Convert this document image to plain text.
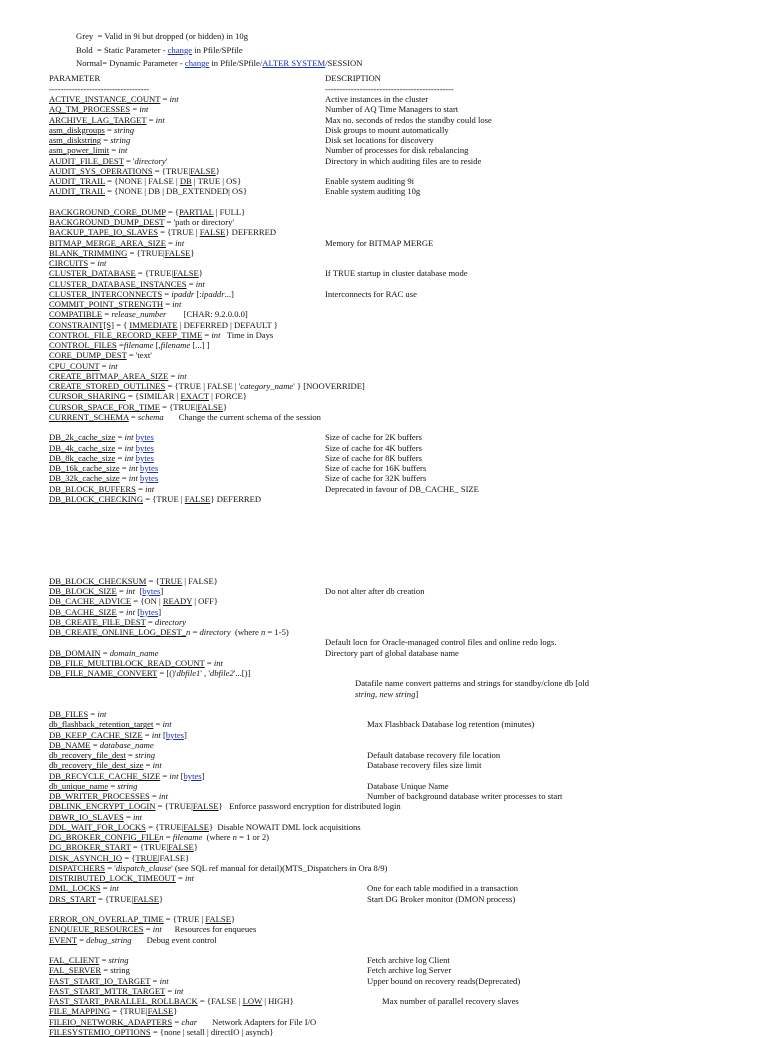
Grey  = Valid in 9i but dropped (or hidden) in 10g
Bold  = Static Parameter - change in Pfile/SPfile
Normal= Dynamic Parameter - change in Pfile/SPfile/ALTER SYSTEM/SESSION
PARAMETER	DESCRIPTION
-----------------------------------	---------------------------------------------
ACTIVE_INSTANCE_COUNT = int	Active instances in the cluster
AQ_TM_PROCESSES = int	Number of AQ Time Managers to start
ARCHIVE_LAG_TARGET = int	Max no. seconds of redos the standby could lose
asm_diskgroups = string	Disk groups to mount automatically
asm_diskstring = string	Disk set locations for discovery
asm_power_limit = int	Number of processes for disk rebalancing
AUDIT_FILE_DEST = 'directory'	Directory in which auditing files are to reside
AUDIT_SYS_OPERATIONS = {TRUE|FALSE}
AUDIT_TRAIL = {NONE | FALSE | DB | TRUE | OS}	Enable system auditing 9i
AUDIT_TRAIL = {NONE | DB | DB_EXTENDED| OS}	Enable system auditing 10g
BACKGROUND_CORE_DUMP = {PARTIAL | FULL}
BACKGROUND_DUMP_DEST = 'path or directory'
BACKUP_TAPE_IO_SLAVES = {TRUE | FALSE} DEFERRED
BITMAP_MERGE_AREA_SIZE = int	Memory for BITMAP MERGE
BLANK_TRIMMING = {TRUE|FALSE}
CIRCUITS = int
CLUSTER_DATABASE = {TRUE|FALSE}	If TRUE startup in cluster database mode
CLUSTER_DATABASE_INSTANCES = int
CLUSTER_INTERCONNECTS = ipaddr [:ipaddr...]	Interconnects for RAC use
COMMIT_POINT_STRENGTH = int
COMPATIBLE = release_number        [CHAR: 9.2.0.0.0]
CONSTRAINT[S] = { IMMEDIATE | DEFERRED | DEFAULT }
CONTROL_FILE_RECORD_KEEP_TIME = int   Time in Days
CONTROL_FILES =filename [,filename [...] ]
CORE_DUMP_DEST = 'text'
CPU_COUNT = int
CREATE_BITMAP_AREA_SIZE = int
CREATE_STORED_OUTLINES = {TRUE | FALSE | 'category_name' } [NOOVERRIDE]
CURSOR_SHARING = {SIMILAR | EXACT | FORCE}
CURSOR_SPACE_FOR_TIME = {TRUE|FALSE}
CURRENT_SCHEMA = schema       Change the current schema of the session
DB_2k_cache_size = int bytes	Size of cache for 2K buffers
DB_4k_cache_size = int bytes	Size of cache for 4K buffers
DB_8k_cache_size = int bytes	Size of cache for 8K buffers
DB_16k_cache_size = int bytes	Size of cache for 16K buffers
DB_32k_cache_size = int bytes	Size of cache for 32K buffers
DB_BLOCK_BUFFERS = int	Deprecated in favour of DB_CACHE_ SIZE
DB_BLOCK_CHECKING = {TRUE | FALSE} DEFERRED
DB_BLOCK_CHECKSUM = {TRUE | FALSE}
DB_BLOCK_SIZE = int  [bytes]	Do not alter after db creation
DB_CACHE_ADVICE = {ON | READY | OFF}
DB_CACHE_SIZE = int [bytes]
DB_CREATE_FILE_DEST = directory
DB_CREATE_ONLINE_LOG_DEST_n = directory  (where n = 1-5)
Default locn for Oracle-managed control files and online redo logs.
DB_DOMAIN = domain_name	Directory part of global database name
DB_FILE_MULTIBLOCK_READ_COUNT = int
DB_FILE_NAME_CONVERT = [()'dbfile1' , 'dbfile2'...[)]
Datafile name convert patterns and strings for standby/clone db [old
string, new string]
DB_FILES = int
db_flashback_retention_target = int	Max Flashback Database log retention (minutes)
DB_KEEP_CACHE_SIZE = int [bytes]
DB_NAME = database_name
db_recovery_file_dest = string	Default database recovery file location
db_recovery_file_dest_size = int	Database recovery files size limit
DB_RECYCLE_CACHE_SIZE = int [bytes]
db_unique_name = string	Database Unique Name
DB_WRITER_PROCESSES = int	Number of background database writer processes to start
DBLINK_ENCRYPT_LOGIN = {TRUE|FALSE}   Enforce password encryption for distributed login
DBWR_IO_SLAVES = int
DDL_WAIT_FOR_LOCKS = {TRUE|FALSE}  Disable NOWAIT DML lock acquisitions
DG_BROKER_CONFIG_FILEn = filename  (where n = 1 or 2)
DG_BROKER_START = {TRUE|FALSE}
DISK_ASYNCH_IO = {TRUE|FALSE}
DISPATCHERS = 'dispatch_clause' (see SQL ref manual for detail)(MTS_Dispatchers in Ora 8/9)
DISTRIBUTED_LOCK_TIMEOUT = int
DML_LOCKS = int	One for each table modified in a transaction
DRS_START = {TRUE|FALSE}	Start DG Broker monitor (DMON process)
ERROR_ON_OVERLAP_TIME = {TRUE | FALSE}
ENQUEUE_RESOURCES = int      Resources for enqueues
EVENT = debug_string       Debug event control
FAL_CLIENT = string	Fetch archive log Client
FAL_SERVER = string	Fetch archive log Server
FAST_START_IO_TARGET = int	Upper bound on recovery reads(Deprecated)
FAST_START_MTTR_TARGET = int
FAST_START_PARALLEL_ROLLBACK = {FALSE | LOW | HIGH}	Max number of parallel recovery slaves
FILE_MAPPING = {TRUE|FALSE}
FILEIO_NETWORK_ADAPTERS = char       Network Adapters for File I/O
FILESYSTEMIO_OPTIONS = {none | setall | directIO | asynch}
